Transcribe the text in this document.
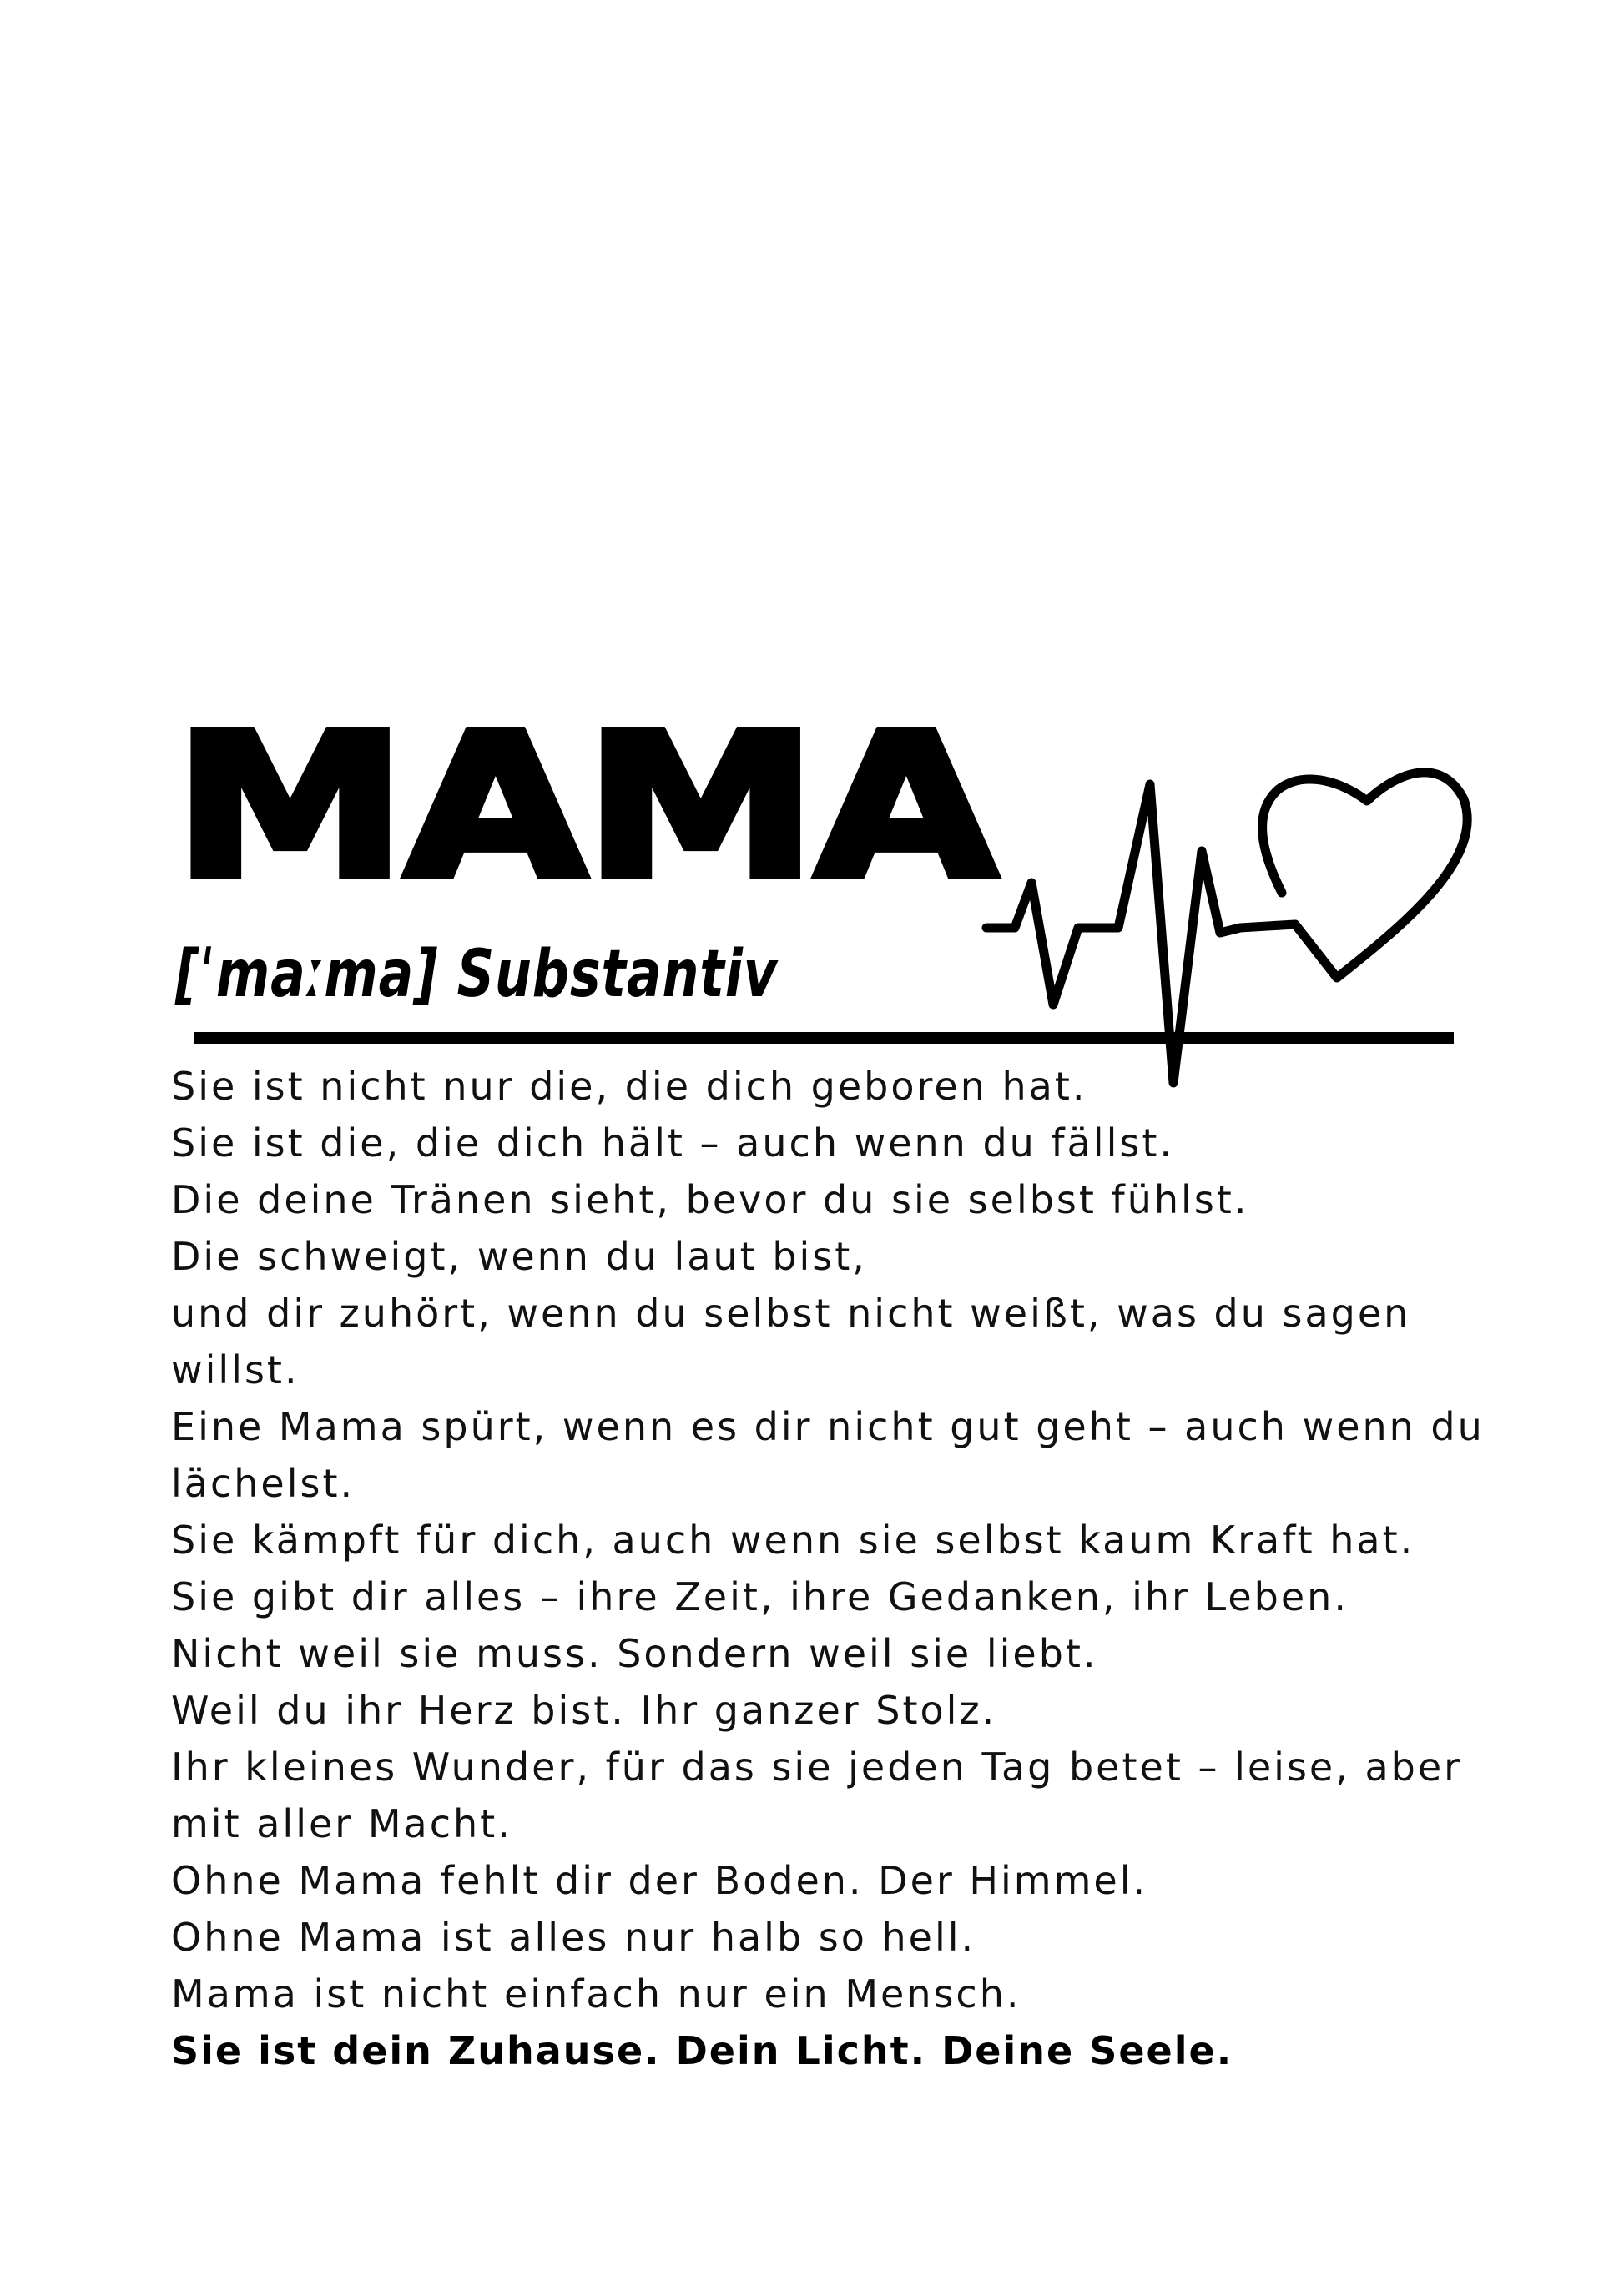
MAMA

[ˈmaːma] Substantiv

Sie ist nicht nur die, die dich geboren hat.
Sie ist die, die dich hält – auch wenn du fällst.
Die deine Tränen sieht, bevor du sie selbst fühlst.
Die schweigt, wenn du laut bist,
und dir zuhört, wenn du selbst nicht weißt, was du sagen
willst.
Eine Mama spürt, wenn es dir nicht gut geht – auch wenn du
lächelst.
Sie kämpft für dich, auch wenn sie selbst kaum Kraft hat.
Sie gibt dir alles – ihre Zeit, ihre Gedanken, ihr Leben.
Nicht weil sie muss. Sondern weil sie liebt.
Weil du ihr Herz bist. Ihr ganzer Stolz.
Ihr kleines Wunder, für das sie jeden Tag betet – leise, aber
mit aller Macht.
Ohne Mama fehlt dir der Boden. Der Himmel.
Ohne Mama ist alles nur halb so hell.
Mama ist nicht einfach nur ein Mensch.
Sie ist dein Zuhause. Dein Licht. Deine Seele.
